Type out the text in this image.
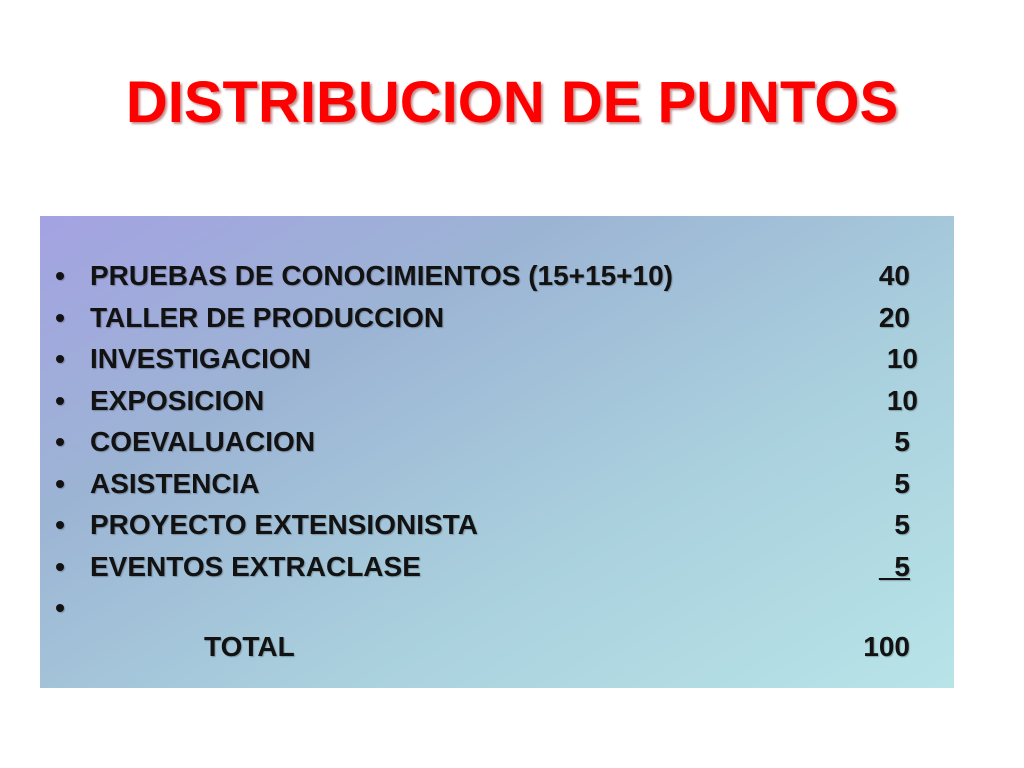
DISTRIBUCION DE PUNTOS
• PRUEBAS DE CONOCIMIENTOS (15+15+10)	40
• TALLER DE PRODUCCION	20
• INVESTIGACION	10
• EXPOSICION	10
• COEVALUACION	5
• ASISTENCIA	5
• PROYECTO EXTENSIONISTA	5
• EVENTOS EXTRACLASE	5
•
TOTAL	100
